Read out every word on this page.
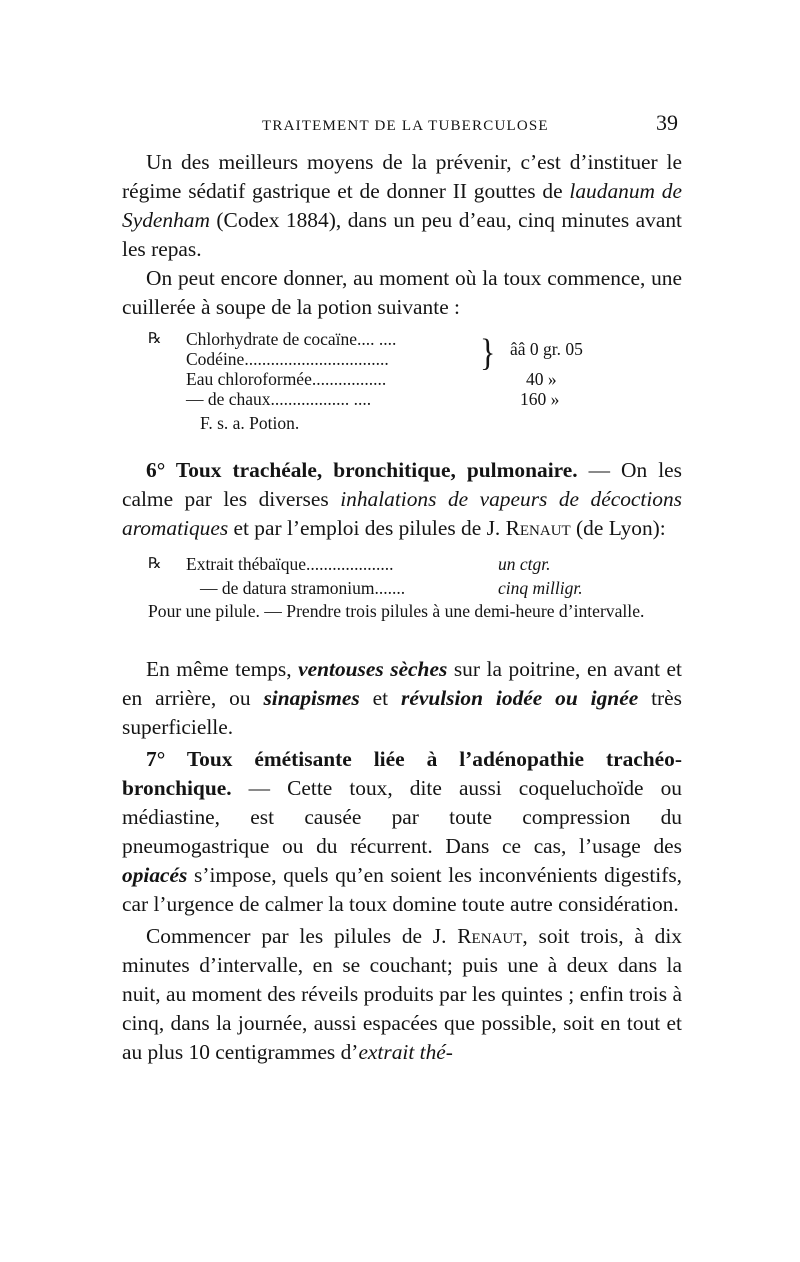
TRAITEMENT DE LA TUBERCULOSE	39

Un des meilleurs moyens de la prévenir, c’est d’instituer le régime sédatif gastrique et de donner II gouttes de laudanum de Sydenham (Codex 1884), dans un peu d’eau, cinq minutes avant les repas.

On peut encore donner, au moment où la toux commence, une cuillerée à soupe de la potion suivante :

℞ Chlorhydrate de cocaïne.... ....
Codéine.................................	} ââ 0 gr. 05
Eau chloroformée.................	40 »
— de chaux.................. ....	160 »
F. s. a. Potion.

6° Toux trachéale, bronchitique, pulmonaire. — On les calme par les diverses inhalations de vapeurs de décoctions aromatiques et par l’emploi des pilules de J. Renaut (de Lyon):

℞ Extrait thébaïque....................	un ctgr.
— de datura stramonium.......	cinq milligr.
Pour une pilule. — Prendre trois pilules à une demi-heure d’intervalle.

En même temps, ventouses sèches sur la poitrine, en avant et en arrière, ou sinapismes et révulsion iodée ou ignée très superficielle.

7° Toux émétisante liée à l’adénopathie trachéo-bronchique. — Cette toux, dite aussi coqueluchoïde ou médiastine, est causée par toute compression du pneumogastrique ou du récurrent. Dans ce cas, l’usage des opiacés s’impose, quels qu’en soient les inconvénients digestifs, car l’urgence de calmer la toux domine toute autre considération.

Commencer par les pilules de J. Renaut, soit trois, à dix minutes d’intervalle, en se couchant; puis une à deux dans la nuit, au moment des réveils produits par les quintes ; enfin trois à cinq, dans la journée, aussi espacées que possible, soit en tout et au plus 10 centigrammes d’extrait thé-
